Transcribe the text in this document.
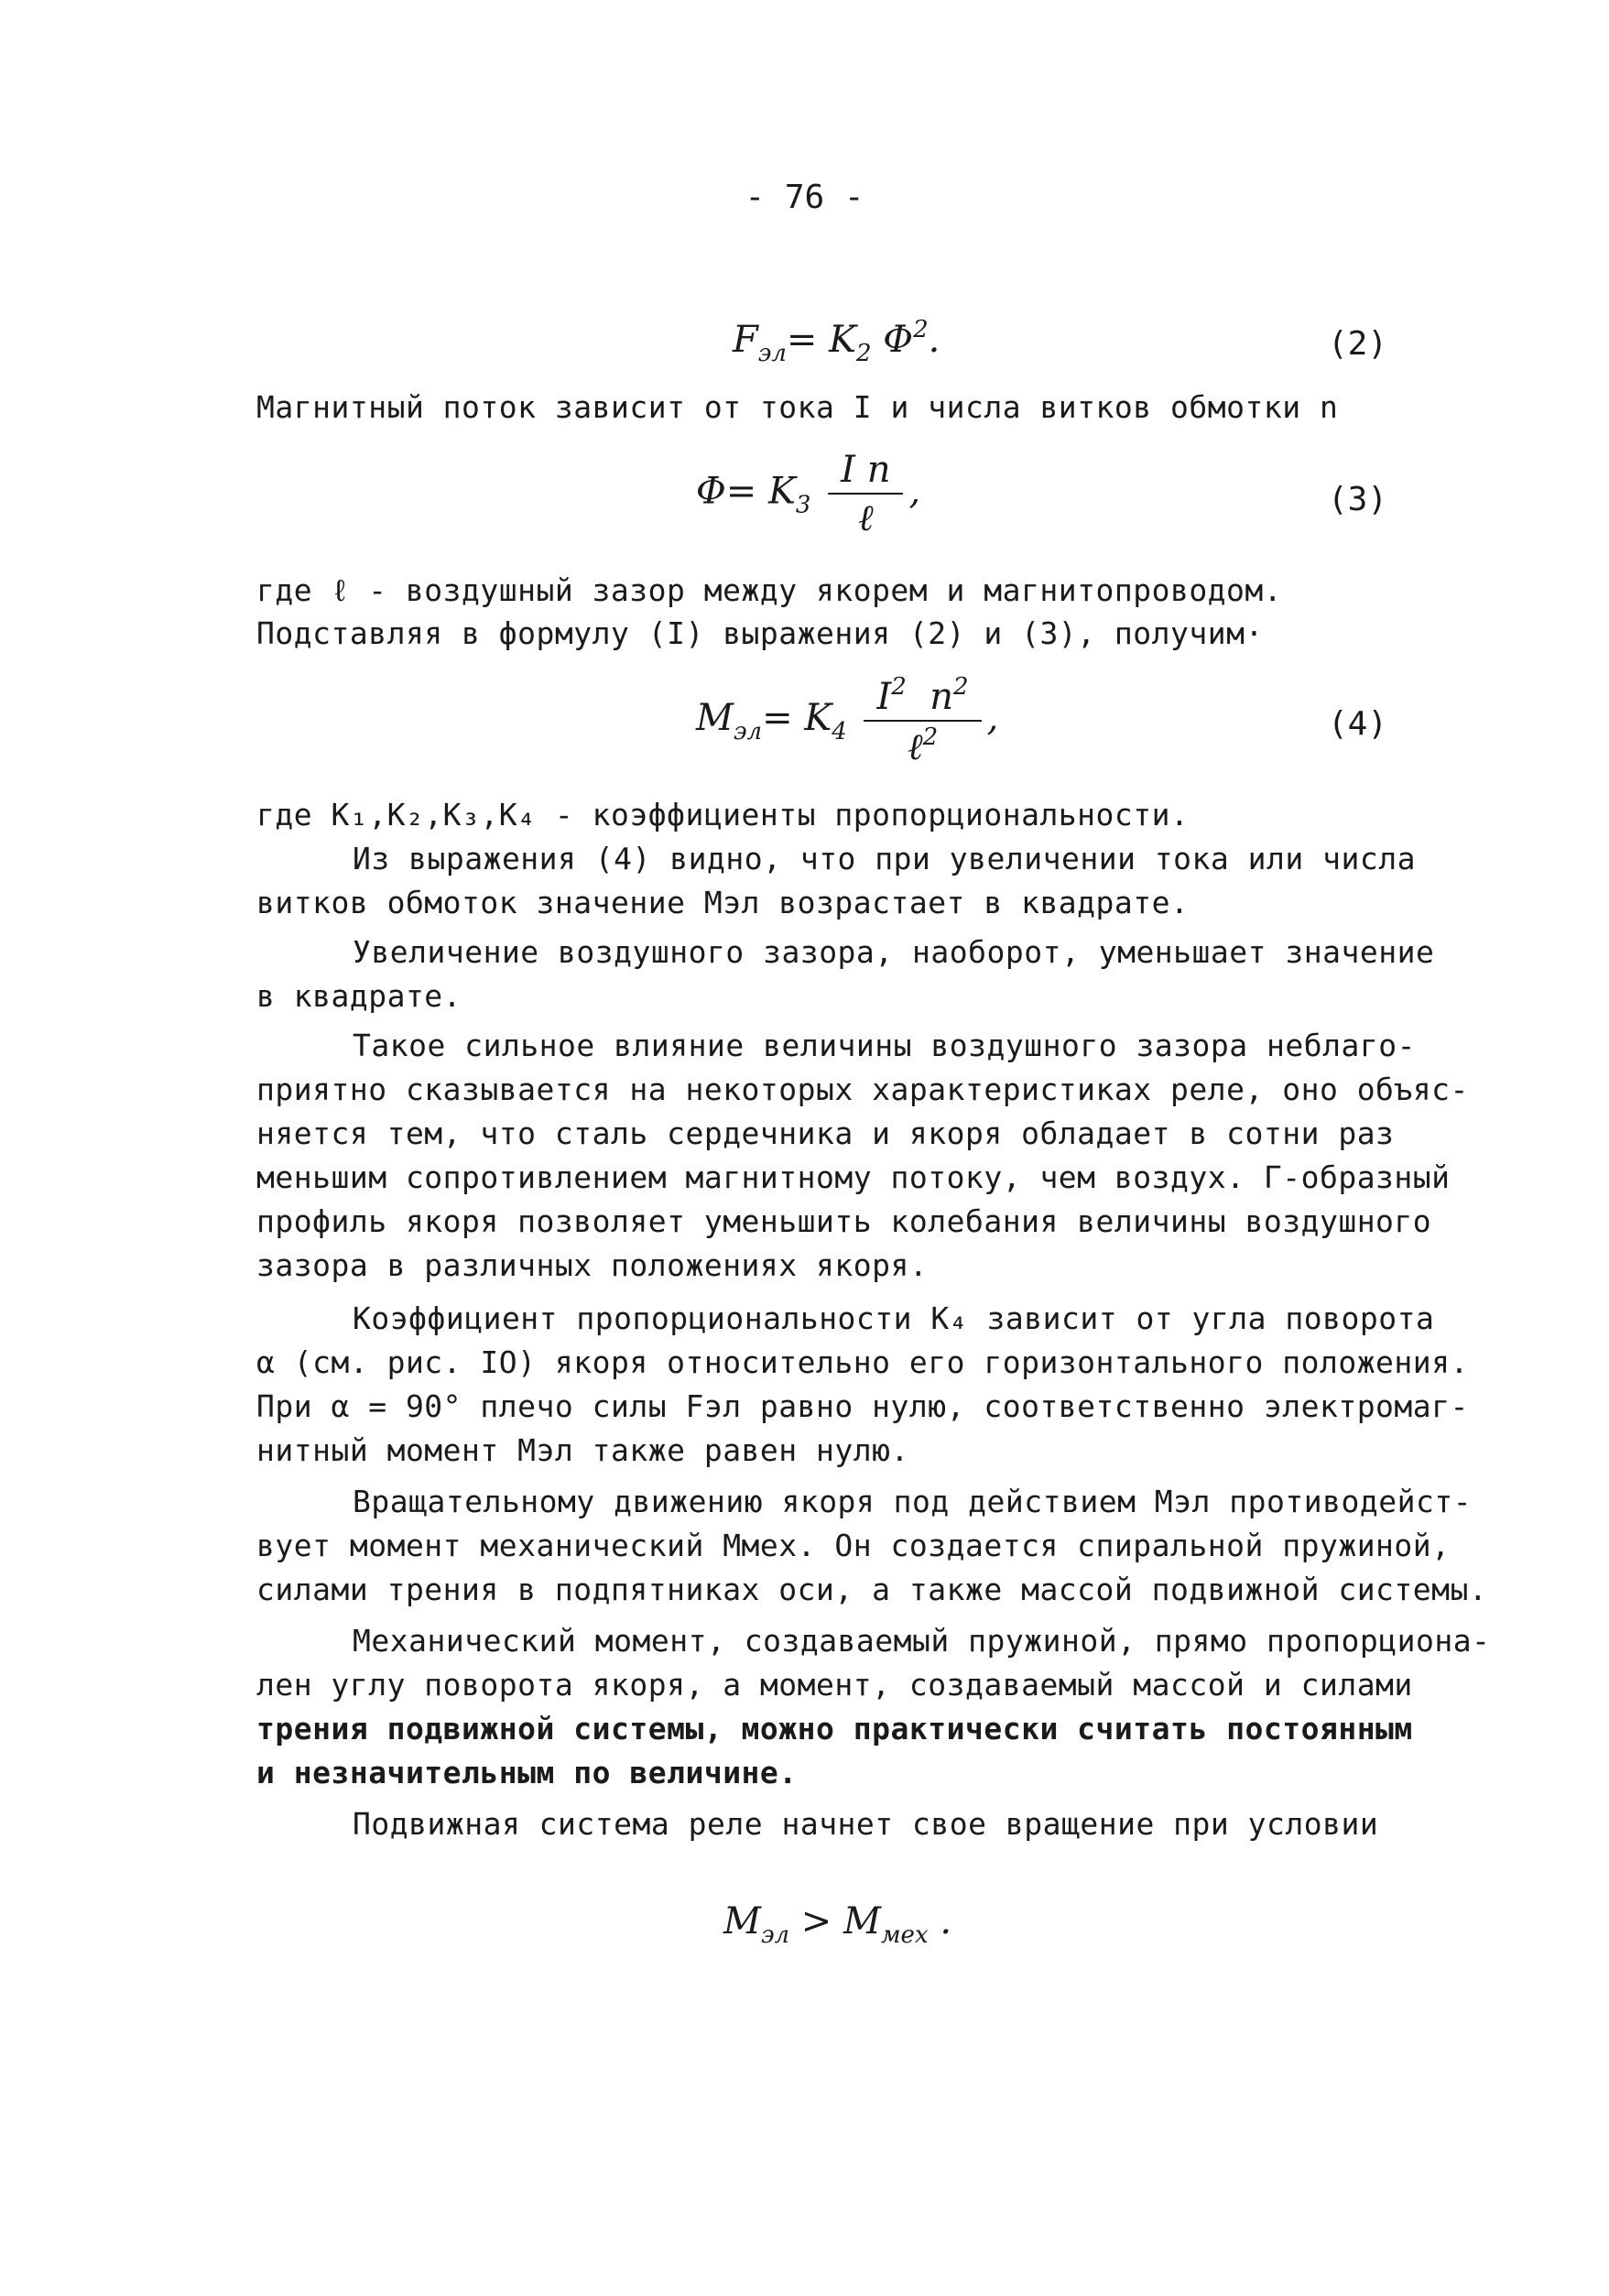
- 76 -
$F_{эл}= K_2$ $\Phi^2$.	(2)
Магнитный поток зависит от тока I и числа витков обмотки n
$\Phi= K_3 \frac{\text{I n}}{\text{ℓ}}$ ,	(3)
где ℓ - воздушный зазор между якорем и магнитопроводом.
Подставляя в формулу (I) выражения (2) и (3), получим·
$M_{эл}= K_4 \frac{I^2 n^2}{\ell^2}$ ,	(4)
где K₁,K₂,K₃,K₄ - коэффициенты пропорциональности.
Из выражения (4) видно, что при увеличении тока или числа
витков обмоток значение Mэл возрастает в квадрате.
Увеличение воздушного зазора, наоборот, уменьшает значение
в квадрате.
Такое сильное влияние величины воздушного зазора неблаго-
приятно сказывается на некоторых характеристиках реле, оно объяс-
няется тем, что сталь сердечника и якоря обладает в сотни раз
меньшим сопротивлением магнитному потоку, чем воздух. Г-образный
профиль якоря позволяет уменьшить колебания величины воздушного
зазора в различных положениях якоря.
Коэффициент пропорциональности K₄ зависит от угла поворота
α (см. рис. IO) якоря относительно его горизонтального положения.
При α = 90° плечо силы Fэл равно нулю, соответственно электромаг-
нитный момент Mэл также равен нулю.
Вращательному движению якоря под действием Mэл противодейст-
вует момент механический Mмех. Он создается спиральной пружиной,
силами трения в подпятниках оси, а также массой подвижной системы.
Механический момент, создаваемый пружиной, прямо пропорциона-
лен углу поворота якоря, а момент, создаваемый массой и силами
трения подвижной системы, можно практически считать постоянным
и незначительным по величине.
Подвижная система реле начнет свое вращение при условии
$M_{эл} > M_{мех}$ .
